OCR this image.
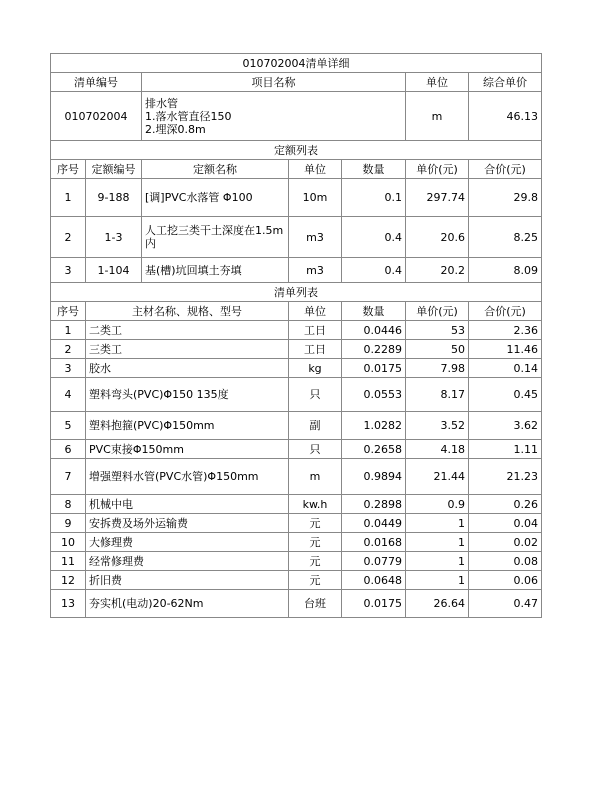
010702004清单详细						
清单编号		项目名称			单位	综合单价
010702004		排水管
1.落水管直径150
2.埋深0.8m			m	46.13
定额列表						
序号	定额编号	定额名称	单位	数量	单价(元)	合价(元)
1	9-188	[调]PVC水落管 Φ100	10m	0.1	297.74	29.8
2	1-3	人工挖三类干土深度在1.5m内	m3	0.4	20.6	8.25
3	1-104	基(槽)坑回填土夯填	m3	0.4	20.2	8.09
清单列表						
序号	主材名称、规格、型号		单位	数量	单价(元)	合价(元)
1	二类工		工日	0.0446	53	2.36
2	三类工		工日	0.2289	50	11.46
3	胶水		kg	0.0175	7.98	0.14
4	塑料弯头(PVC)Φ150 135度		只	0.0553	8.17	0.45
5	塑料抱箍(PVC)Φ150mm		副	1.0282	3.52	3.62
6	PVC束接Φ150mm		只	0.2658	4.18	1.11
7	增强塑料水管(PVC水管)Φ150mm		m	0.9894	21.44	21.23
8	机械中电		kw.h	0.2898	0.9	0.26
9	安拆费及场外运输费		元	0.0449	1	0.04
10	大修理费		元	0.0168	1	0.02
11	经常修理费		元	0.0779	1	0.08
12	折旧费		元	0.0648	1	0.06
13	夯实机(电动)20-62Nm		台班	0.0175	26.64	0.47
